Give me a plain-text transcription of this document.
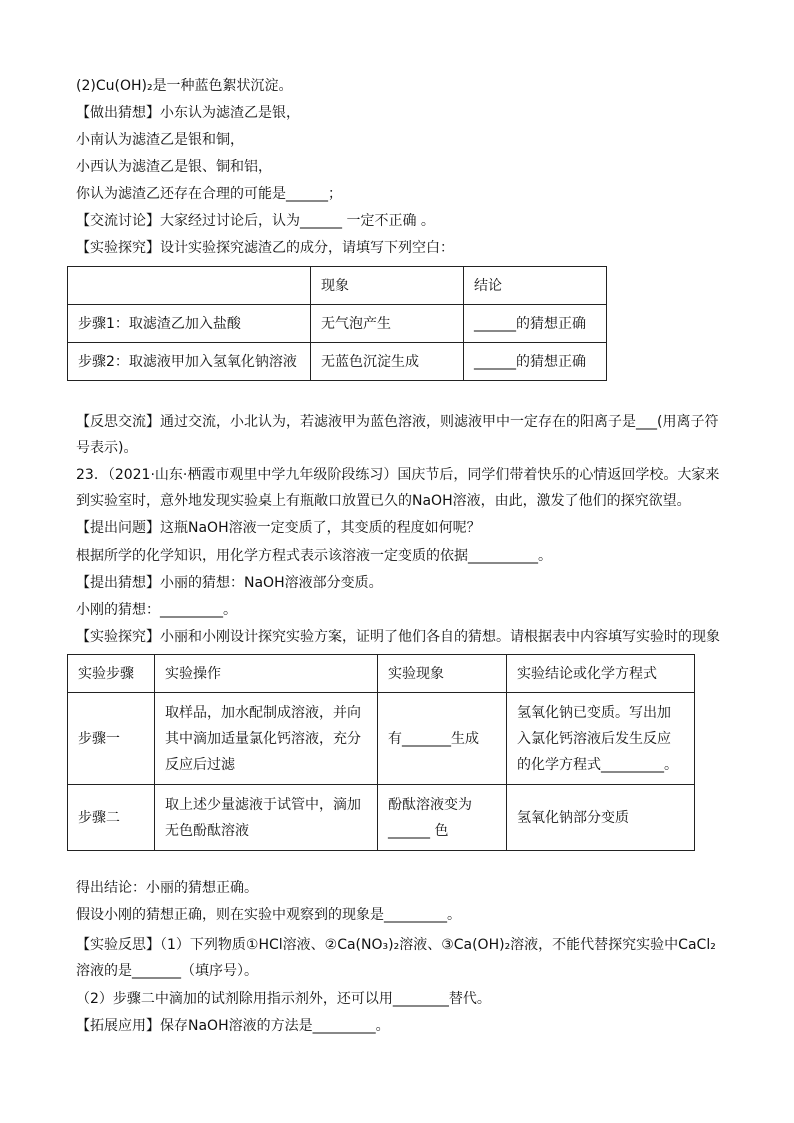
(2)Cu(OH)₂是一种蓝色絮状沉淀。
【做出猜想】小东认为滤渣乙是银，
小南认为滤渣乙是银和铜，
小西认为滤渣乙是银、铜和铝，
你认为滤渣乙还存在合理的可能是______；
【交流讨论】大家经过讨论后，认为______ 一定不正确 。
【实验探究】设计实验探究滤渣乙的成分，请填写下列空白：
	现象	结论
步骤1：取滤渣乙加入盐酸	无气泡产生	______的猜想正确
步骤2：取滤液甲加入氢氧化钠溶液	无蓝色沉淀生成	______的猜想正确
【反思交流】通过交流，小北认为，若滤液甲为蓝色溶液，则滤液甲中一定存在的阳离子是___(用离子符号表示)。
23．（2021·山东·栖霞市观里中学九年级阶段练习）国庆节后，同学们带着快乐的心情返回学校。大家来到实验室时，意外地发现实验桌上有瓶敞口放置已久的NaOH溶液，由此，激发了他们的探究欲望。
【提出问题】这瓶NaOH溶液一定变质了，其变质的程度如何呢？
根据所学的化学知识，用化学方程式表示该溶液一定变质的依据__________。
【提出猜想】小丽的猜想：NaOH溶液部分变质。
小刚的猜想：_________。
【实验探究】小丽和小刚设计探究实验方案，证明了他们各自的猜想。请根据表中内容填写实验时的现象
实验步骤	实验操作	实验现象	实验结论或化学方程式
步骤一	取样品，加水配制成溶液，并向其中滴加适量氯化钙溶液，充分反应后过滤	有_______生成	氢氧化钠已变质。写出加入氯化钙溶液后发生反应的化学方程式_________。
步骤二	取上述少量滤液于试管中，滴加无色酚酞溶液	酚酞溶液变为______ 色	氢氧化钠部分变质
得出结论：小丽的猜想正确。
假设小刚的猜想正确，则在实验中观察到的现象是_________。
【实验反思】（1）下列物质①HCl溶液、②Ca(NO₃)₂溶液、③Ca(OH)₂溶液，不能代替探究实验中CaCl₂溶液的是_______（填序号）。
（2）步骤二中滴加的试剂除用指示剂外，还可以用________替代。
【拓展应用】保存NaOH溶液的方法是_________。
